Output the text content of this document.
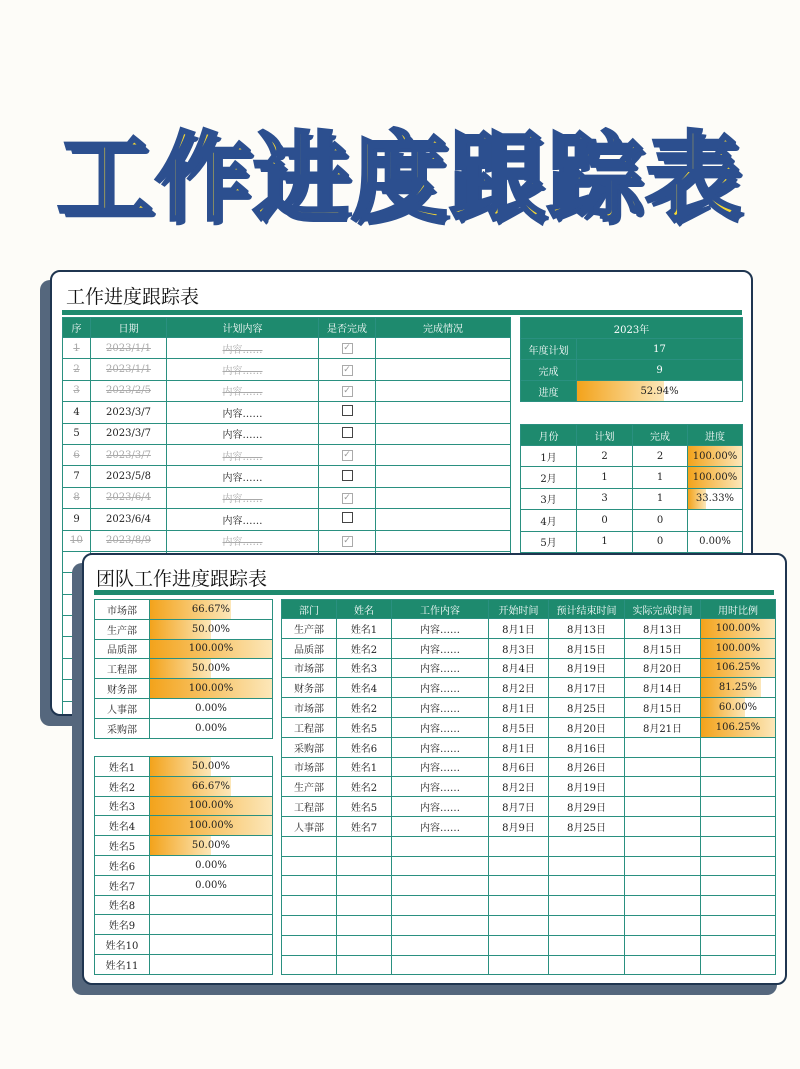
工作进度跟踪表
工作进度跟踪表
序	日期	计划内容	是否完成	完成情况
1	2023/1/1	内容……	✓	
2	2023/1/1	内容……	✓	
3	2023/2/5	内容……	✓	
4	2023/3/7	内容……		
5	2023/3/7	内容……		
6	2023/3/7	内容……	✓	
7	2023/5/8	内容……		
8	2023/6/4	内容……	✓	
9	2023/6/4	内容……		
10	2023/8/9	内容……	✓	

2023年	
年度计划	17
完成	9
进度	52.94%
月份	计划	完成	进度
1月	2	2	100.00%
2月	1	1	100.00%
3月	3	1	33.33%
4月	0	0	
5月	1	0	0.00%
团队工作进度跟踪表
市场部	66.67%
生产部	50.00%
品质部	100.00%
工程部	50.00%
财务部	100.00%
人事部	0.00%
采购部	0.00%
姓名1	50.00%
姓名2	66.67%
姓名3	100.00%
姓名4	100.00%
姓名5	50.00%
姓名6	0.00%
姓名7	0.00%
姓名8	
姓名9	
姓名10	
姓名11	
部门	姓名	工作内容	开始时间	预计结束时间	实际完成时间	用时比例
生产部	姓名1	内容……	8月1日	8月13日	8月13日	100.00%
品质部	姓名2	内容……	8月3日	8月15日	8月15日	100.00%
市场部	姓名3	内容……	8月4日	8月19日	8月20日	106.25%
财务部	姓名4	内容……	8月2日	8月17日	8月14日	81.25%
市场部	姓名2	内容……	8月1日	8月25日	8月15日	60.00%
工程部	姓名5	内容……	8月5日	8月20日	8月21日	106.25%
采购部	姓名6	内容……	8月1日	8月16日		
市场部	姓名1	内容……	8月6日	8月26日		
生产部	姓名2	内容……	8月2日	8月19日		
工程部	姓名5	内容……	8月7日	8月29日		
人事部	姓名7	内容……	8月9日	8月25日		
